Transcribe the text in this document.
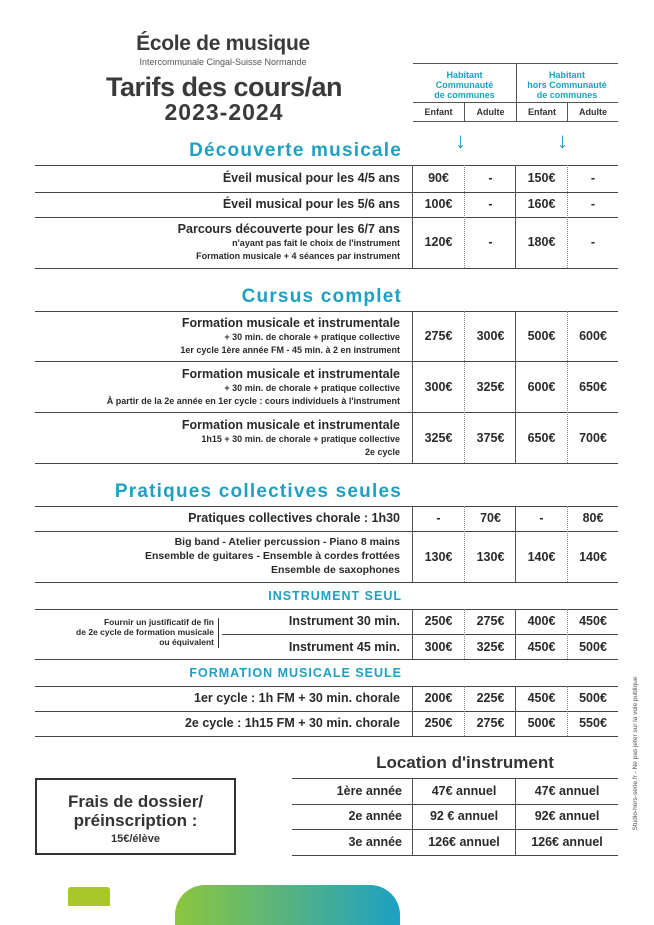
École de musique
Intercommunale Cingal-Suisse Normande
Tarifs des cours/an
2023-2024
Habitant
Communauté
de communes
Habitant
hors Communauté
de communes
Enfant	Adulte	Enfant	Adulte
↓	↓
Découverte musicale
Éveil musical pour les 4/5 ans	90€	-	150€	-
Éveil musical pour les 5/6 ans	100€	-	160€	-
Parcours découverte pour les 6/7 ans
n'ayant pas fait le choix de l'instrument
Formation musicale + 4 séances par instrument
120€	-	180€	-
Cursus complet
Formation musicale et instrumentale
+ 30 min. de chorale + pratique collective
1er cycle 1ère année FM - 45 min. à 2 en instrument
275€	300€	500€	600€
Formation musicale et instrumentale
+ 30 min. de chorale + pratique collective
À partir de la 2e année en 1er cycle : cours individuels à l'instrument
300€	325€	600€	650€
Formation musicale et instrumentale
1h15 + 30 min. de chorale + pratique collective
2e cycle
325€	375€	650€	700€
Pratiques collectives seules
Pratiques collectives chorale : 1h30	-	70€	-	80€
Big band - Atelier percussion - Piano 8 mains
Ensemble de guitares - Ensemble à cordes frottées
Ensemble de saxophones
130€	130€	140€	140€
INSTRUMENT SEUL
Fournir un justificatif de fin
de 2e cycle de formation musicale
ou équivalent
Instrument 30 min.	250€	275€	400€	450€
Instrument 45 min.	300€	325€	450€	500€
FORMATION MUSICALE SEULE
1er cycle : 1h FM + 30 min. chorale	200€	225€	450€	500€
2e cycle : 1h15 FM + 30 min. chorale	250€	275€	500€	550€
Frais de dossier/
préinscription :
15€/élève
Location d'instrument
1ère année	47€ annuel	47€ annuel
2e année	92 € annuel	92€ annuel
3e année	126€ annuel	126€ annuel
Studio-hors-serie.fr - Ne pas jeter sur la voie publique
